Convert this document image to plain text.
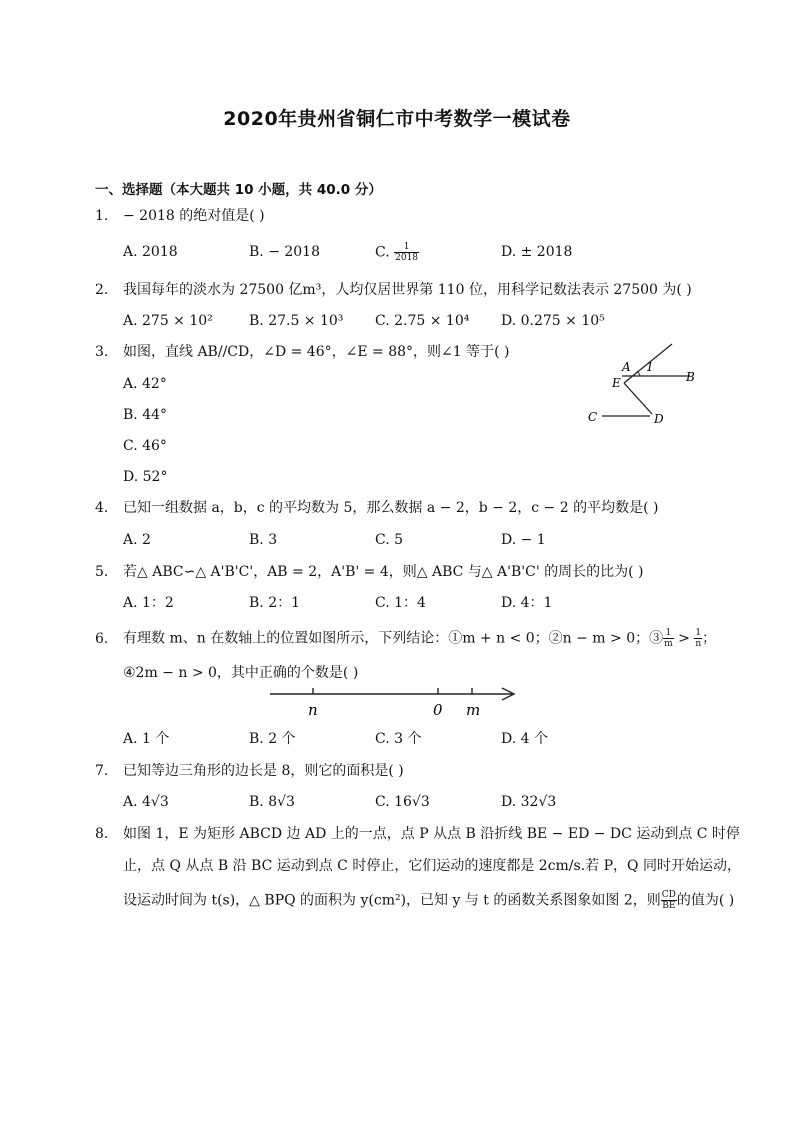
2020年贵州省铜仁市中考数学一模试卷
一、选择题（本大题共 10 小题，共 40.0 分）
1. − 2018 的绝对值是( )
A. 2018	B. − 2018	C. $\frac{1}{2018}$	D. ± 2018
2. 我国每年的淡水为 27500 亿m³，人均仅居世界第 110 位，用科学记数法表示 27500 为( )
A. 275 × 10²	B. 27.5 × 10³ C. 2.75 × 10⁴ D. 0.275 × 10⁵
3. 如图，直线 AB//CD，∠D = 46°，∠E = 88°，则∠1 等于( )
A. 42°
B. 44°
C. 46°
D. 52°
A 1
B
E
C	D
4. 已知一组数据 a，b，c 的平均数为 5，那么数据 a − 2，b − 2，c − 2 的平均数是( )
A. 2	B. 3	C. 5	D. − 1
5. 若△ ABC∽△ A'B'C'，AB = 2，A'B' = 4，则△ ABC 与△ A'B'C' 的周长的比为( )
A. 1：2	B. 2：1	C. 1：4	D. 4：1
6. 有理数 m、n 在数轴上的位置如图所示，下列结论：①m + n < 0；②n − m > 0；③ $\frac{1}{m} > \frac{1}{n}$ ；
④2m − n > 0，其中正确的个数是( )
n	0 m
A. 1 个	B. 2 个	C. 3 个	D. 4 个
7. 已知等边三角形的边长是 8，则它的面积是( )
A. 4√3	B. 8√3	C. 16√3	D. 32√3
8. 如图 1，E 为矩形 ABCD 边 AD 上的一点，点 P 从点 B 沿折线 BE − ED − DC 运动到点 C 时停
止，点 Q 从点 B 沿 BC 运动到点 C 时停止，它们运动的速度都是 2cm/s.若 P，Q 同时开始运动，
设运动时间为 t(s)，△ BPQ 的面积为 y(cm²)，已知 y 与 t 的函数关系图象如图 2，则 $\frac{CD}{BE}$ 的值为( )
